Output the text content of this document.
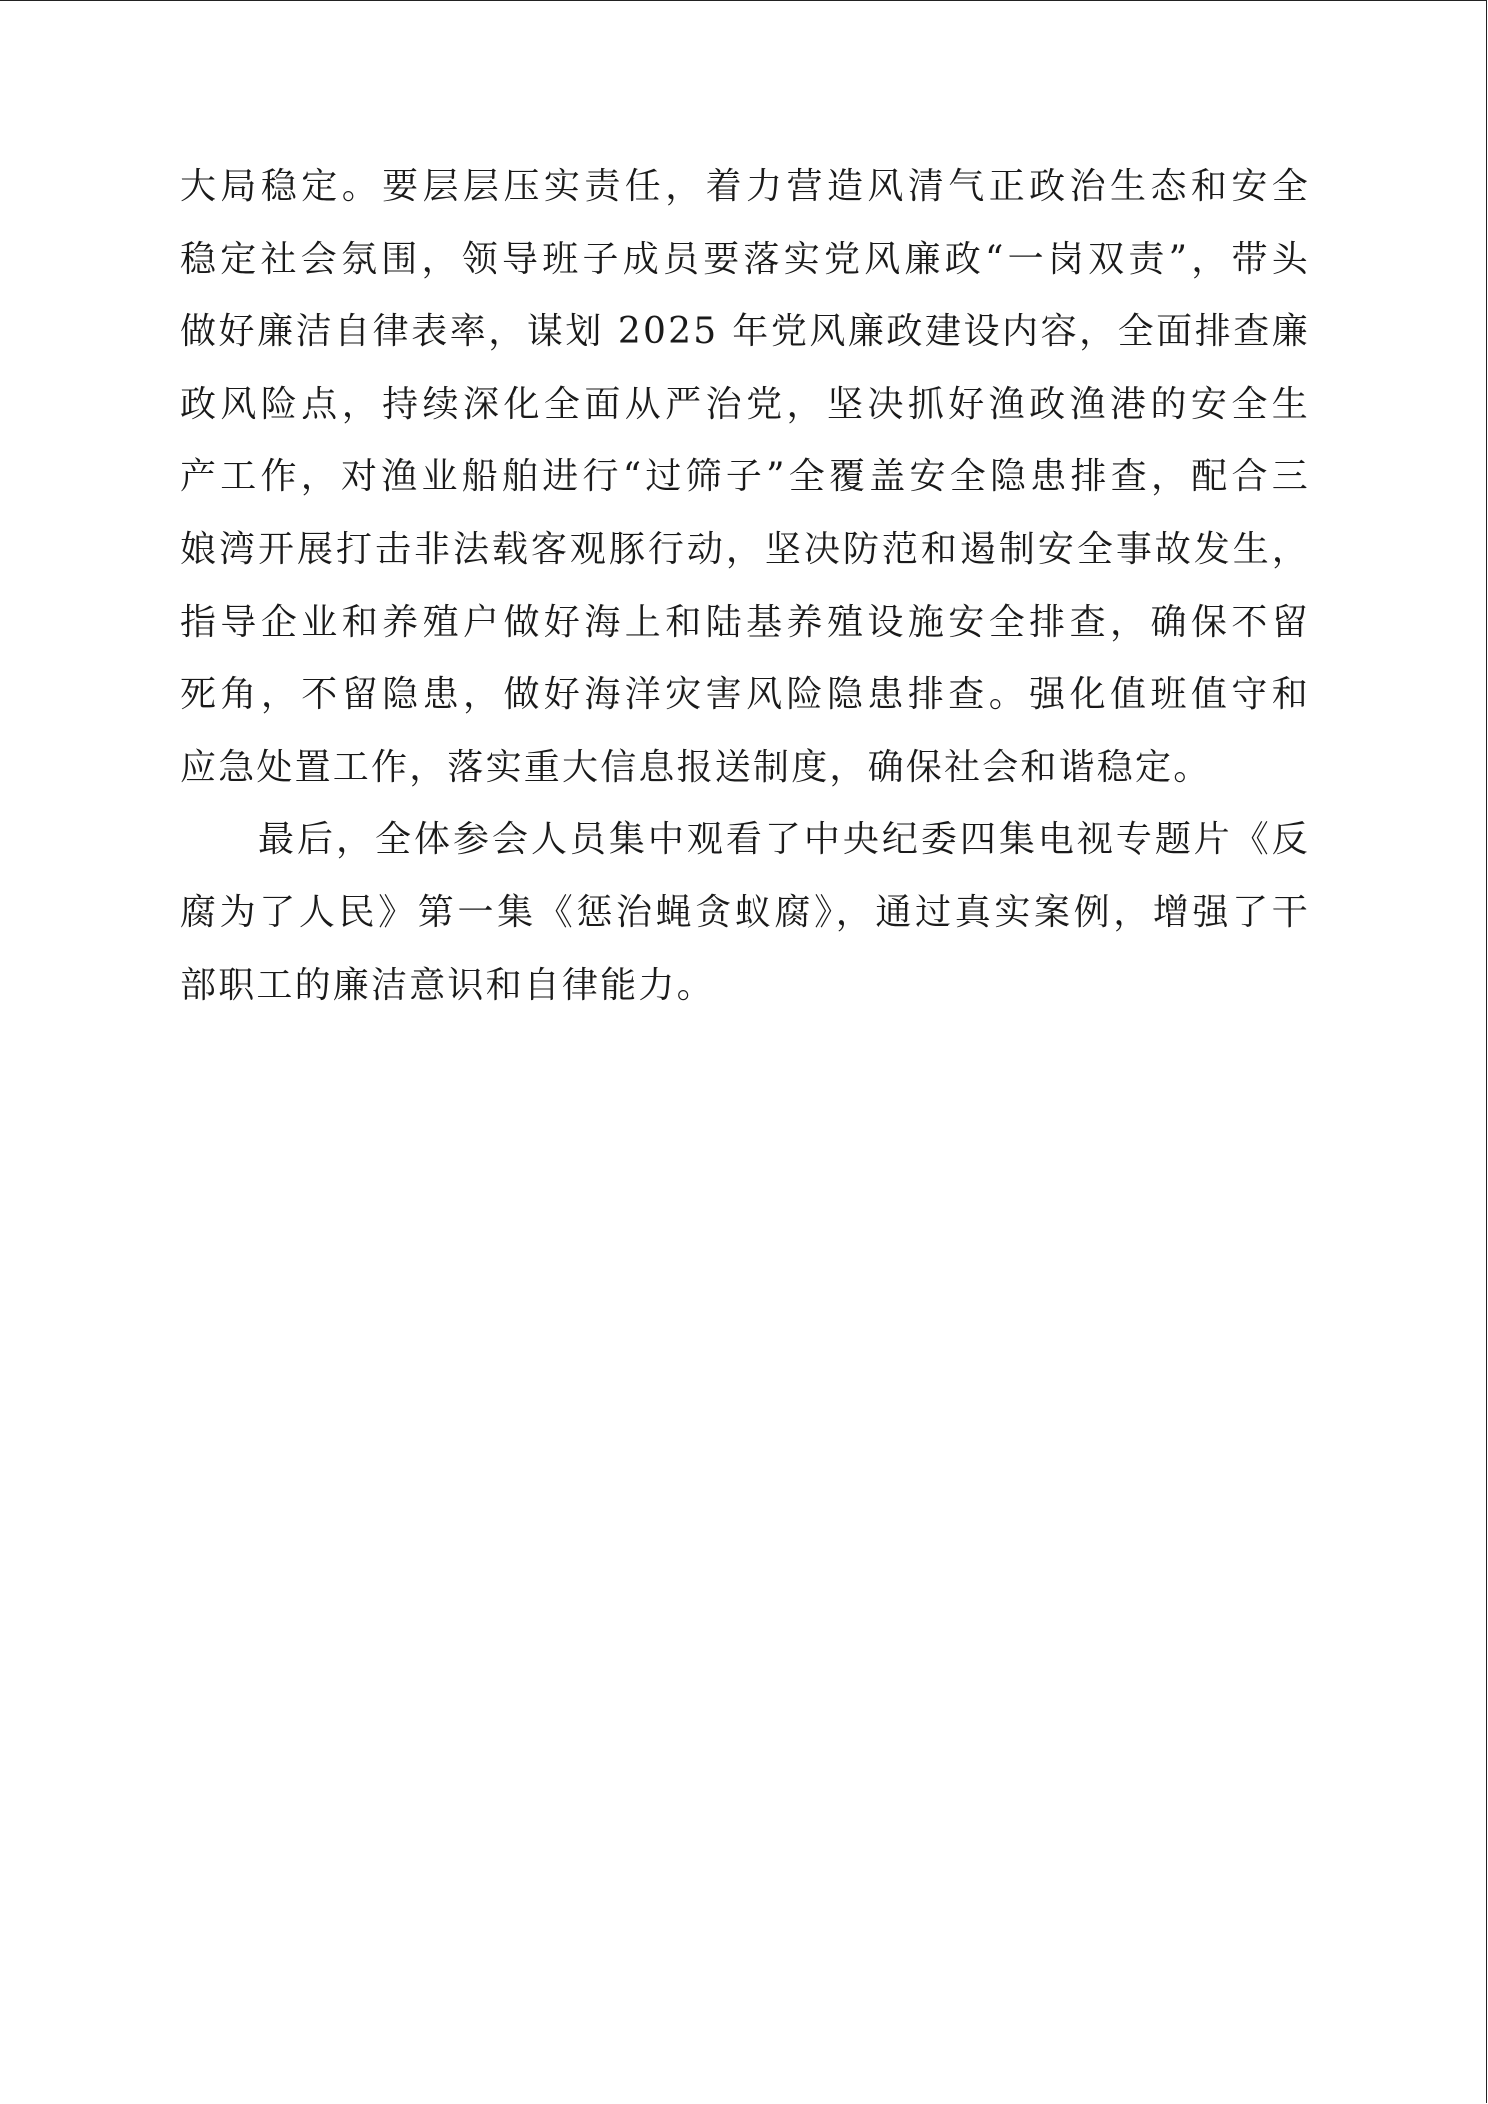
大局稳定。要层层压实责任，着力营造风清气正政治生态和安全
稳定社会氛围，领导班子成员要落实党风廉政“一岗双责”，带头
做好廉洁自律表率，谋划 2025 年党风廉政建设内容，全面排查廉
政风险点，持续深化全面从严治党，坚决抓好渔政渔港的安全生
产工作，对渔业船舶进行“过筛子”全覆盖安全隐患排查，配合三
娘湾开展打击非法载客观豚行动，坚决防范和遏制安全事故发生，
指导企业和养殖户做好海上和陆基养殖设施安全排查，确保不留
死角，不留隐患，做好海洋灾害风险隐患排查。强化值班值守和
应急处置工作，落实重大信息报送制度，确保社会和谐稳定。
最后，全体参会人员集中观看了中央纪委四集电视专题片《反
腐为了人民》第一集《惩治蝇贪蚁腐》，通过真实案例，增强了干
部职工的廉洁意识和自律能力。
